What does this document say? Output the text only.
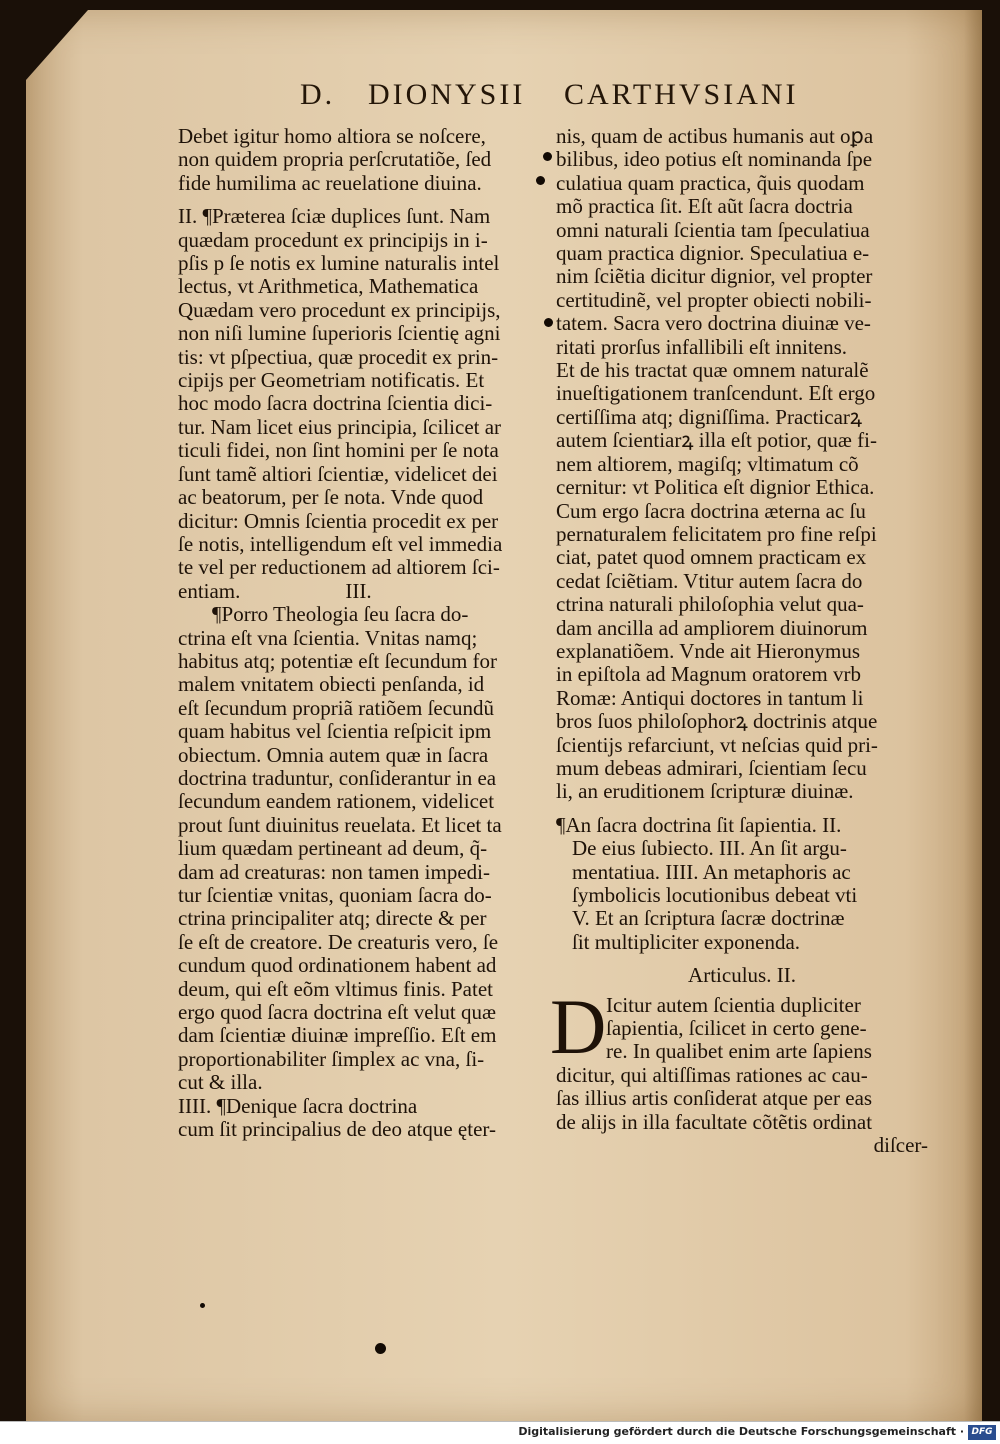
D. DIONYSII CARTHVSIANI
Debet igitur homo altiora se noſcere,
non quidem propria perſcrutatiõe, ſed
fide humilima ac reuelatione diuina.
II. ¶Præterea ſciæ duplices ſunt. Nam
quædam procedunt ex principijs in i-
pſis p ſe notis ex lumine naturalis intel
lectus, vt Arithmetica, Mathematica
Quædam vero procedunt ex principijs,
non niſi lumine ſuperioris ſcientię agni
tis: vt pſpectiua, quæ procedit ex prin-
cipijs per Geometriam notificatis. Et
hoc modo ſacra doctrina ſcientia dici-
tur. Nam licet eius principia, ſcilicet ar
ticuli fidei, non ſint homini per ſe nota
ſunt tamẽ altiori ſcientiæ, videlicet dei
ac beatorum, per ſe nota. Vnde quod
dicitur: Omnis ſcientia procedit ex per
ſe notis, intelligendum eſt vel immedia
te vel per reductionem ad altiorem ſci-
entiam.                    III.
¶Porro Theologia ſeu ſacra do-
ctrina eſt vna ſcientia. Vnitas namq;
habitus atq; potentiæ eſt ſecundum for
malem vnitatem obiecti penſanda, id
eſt ſecundum propriã ratiõem ſecundũ
quam habitus vel ſcientia reſpicit ipm
obiectum. Omnia autem quæ in ſacra
doctrina traduntur, conſiderantur in ea
ſecundum eandem rationem, videlicet
prout ſunt diuinitus reuelata. Et licet ta
lium quædam pertineant ad deum, q̃-
dam ad creaturas: non tamen impedi-
tur ſcientiæ vnitas, quoniam ſacra do-
ctrina principaliter atq; directe & per
ſe eſt de creatore. De creaturis vero, ſe
cundum quod ordinationem habent ad
deum, qui eſt eõm vltimus finis. Patet
ergo quod ſacra doctrina eſt velut quæ
dam ſcientiæ diuinæ impreſſio. Eſt em
proportionabiliter ſimplex ac vna, ſi-
cut & illa.
IIII. ¶Denique ſacra doctrina
cum ſit principalius de deo atque ęter-
nis, quam de actibus humanis aut oꝑa
bilibus, ideo potius eſt nominanda ſpe
culatiua quam practica, q̃uis quodam
mõ practica ſit. Eſt aũt ſacra doctria
omni naturali ſcientia tam ſpeculatiua
quam practica dignior. Speculatiua e-
nim ſciẽtia dicitur dignior, vel propter
certitudinẽ, vel propter obiecti nobili-
tatem. Sacra vero doctrina diuinæ ve-
ritati prorſus infallibili eſt innitens.
Et de his tractat quæ omnem naturalẽ
inueſtigationem tranſcendunt. Eſt ergo
certiſſima atq; digniſſima. Practicarꝝ
autem ſcientiarꝝ illa eſt potior, quæ fi-
nem altiorem, magiſq; vltimatum cõ
cernitur: vt Politica eſt dignior Ethica.
Cum ergo ſacra doctrina æterna ac ſu
pernaturalem felicitatem pro fine reſpi
ciat, patet quod omnem practicam ex
cedat ſciẽtiam. Vtitur autem ſacra do
ctrina naturali philoſophia velut qua-
dam ancilla ad ampliorem diuinorum
explanatiõem. Vnde ait Hieronymus
in epiſtola ad Magnum oratorem vrb
Romæ: Antiqui doctores in tantum li
bros ſuos philoſophorꝝ doctrinis atque
ſcientijs refarciunt, vt neſcias quid pri-
mum debeas admirari, ſcientiam ſecu
li, an eruditionem ſcripturæ diuinæ.
¶An ſacra doctrina ſit ſapientia. II.
De eius ſubiecto. III. An ſit argu-
mentatiua. IIII. An metaphoris ac
ſymbolicis locutionibus debeat vti
V. Et an ſcriptura ſacræ doctrinæ
ſit multipliciter exponenda.
Articulus. II.
D Icitur autem ſcientia dupliciter
ſapientia, ſcilicet in certo gene-
re. In qualibet enim arte ſapiens
dicitur, qui altiſſimas rationes ac cau-
ſas illius artis conſiderat atque per eas
de alijs in illa facultate cõtẽtis ordinat
diſcer-
Digitalisierung gefördert durch die Deutsche Forschungsgemeinschaft · DFG
